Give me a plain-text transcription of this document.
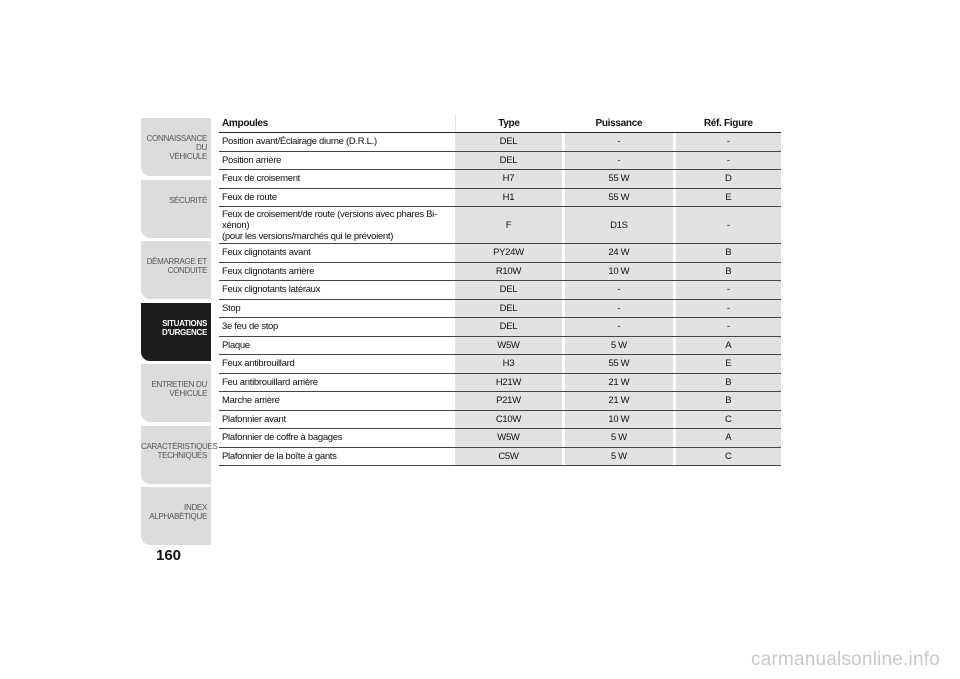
CONNAISSANCE DU
VÉHICULE
SÉCURITÉ
DÉMARRAGE ET
CONDUITE
SITUATIONS
D'URGENCE
ENTRETIEN DU
VÉHICULE
CARACTÉRISTIQUES
TECHNIQUES
INDEX
ALPHABÉTIQUE
160
Ampoules	Type	Puissance	Réf. Figure
Position avant/Éclairage diurne (D.R.L.)	DEL	-	-
Position arrière	DEL	-	-
Feux de croisement	H7	55 W	D
Feux de route	H1	55 W	E
Feux de croisement/de route (versions avec phares Bi-xénon)
(pour les versions/marchés qui le prévoient)
F	D1S	-
Feux clignotants avant	PY24W	24 W	B
Feux clignotants arrière	R10W	10 W	B
Feux clignotants latéraux	DEL	-	-
Stop	DEL	-	-
3e feu de stop	DEL	-	-
Plaque	W5W	5 W	A
Feux antibrouillard	H3	55 W	E
Feu antibrouillard arrière	H21W	21 W	B
Marche arrière	P21W	21 W	B
Plafonnier avant	C10W	10 W	C
Plafonnier de coffre à bagages	W5W	5 W	A
Plafonnier de la boîte à gants	C5W	5 W	C
carmanualsonline.info
